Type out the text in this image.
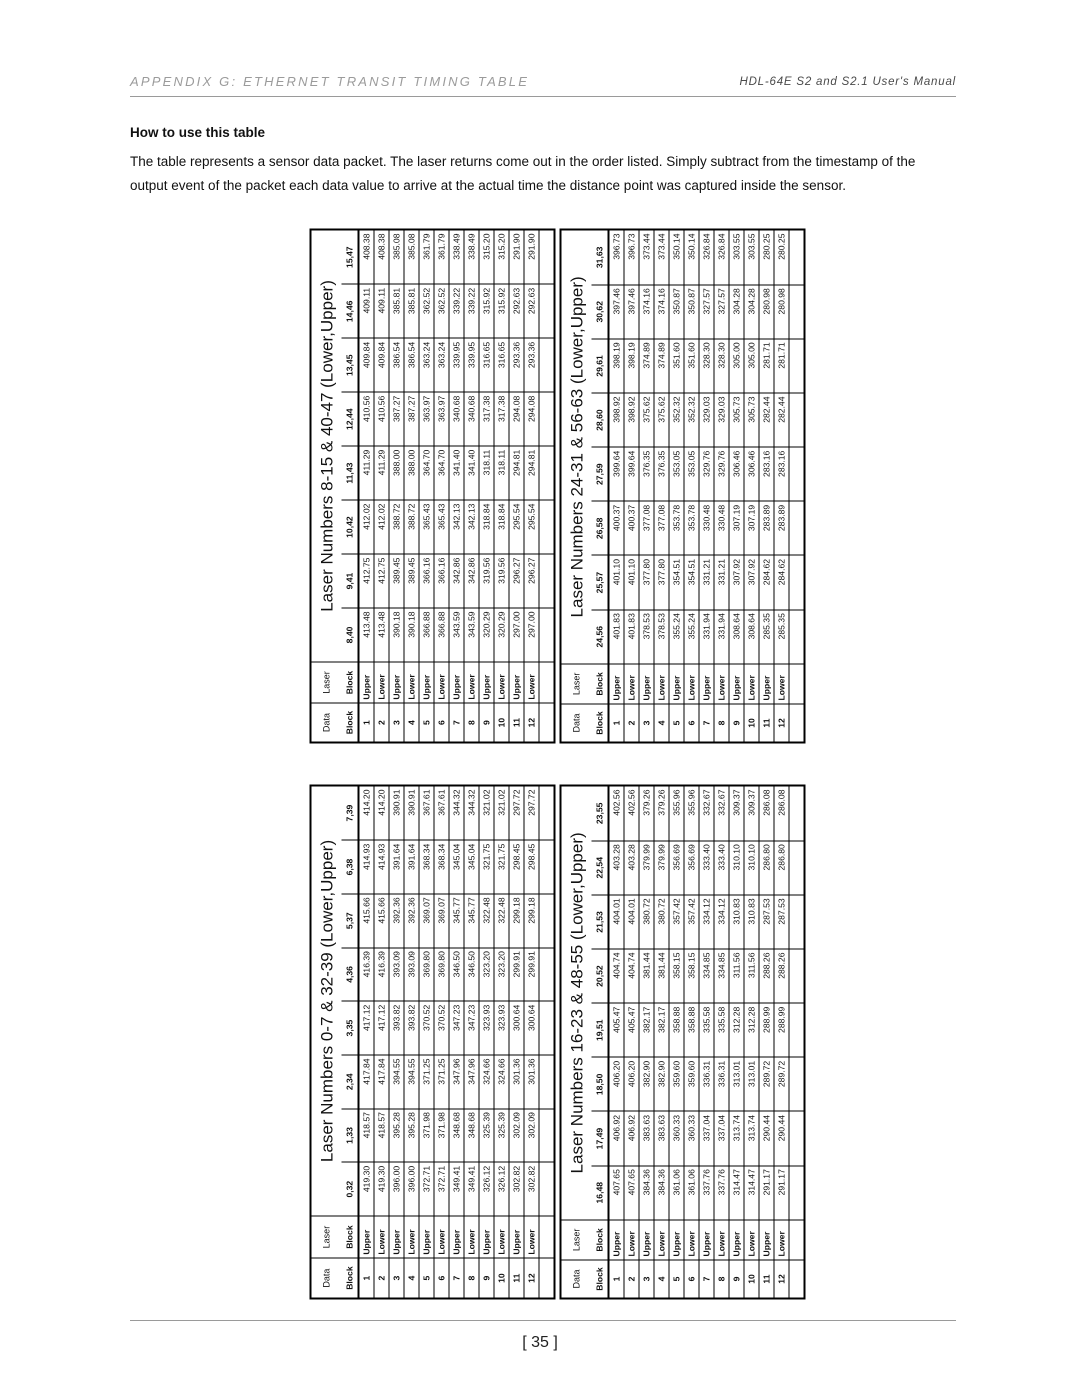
APPENDIX G: ETHERNET TRANSIT TIMING TABLE	HDL-64E S2 and S2.1 User's Manual
How to use this table
The table represents a sensor data packet. The laser returns come out in the order listed. Simply subtract from the timestamp of the output event of the packet each data value to arrive at the actual time the distance point was captured inside the sensor.
Data	Laser	Laser Numbers 8-15 & 40-47 (Lower,Upper)							
Block	Block	8,40	9,41	10,42	11,43	12,44	13,45	14,46	15,47
1	Upper	413.48	412.75	412.02	411.29	410.56	409.84	409.11	408.38
2	Lower	413.48	412.75	412.02	411.29	410.56	409.84	409.11	408.38
3	Upper	390.18	389.45	388.72	388.00	387.27	386.54	385.81	385.08
4	Lower	390.18	389.45	388.72	388.00	387.27	386.54	385.81	385.08
5	Upper	366.88	366.16	365.43	364.70	363.97	363.24	362.52	361.79
6	Lower	366.88	366.16	365.43	364.70	363.97	363.24	362.52	361.79
7	Upper	343.59	342.86	342.13	341.40	340.68	339.95	339.22	338.49
8	Lower	343.59	342.86	342.13	341.40	340.68	339.95	339.22	338.49
9	Upper	320.29	319.56	318.84	318.11	317.38	316.65	315.92	315.20
10	Lower	320.29	319.56	318.84	318.11	317.38	316.65	315.92	315.20
11	Upper	297.00	296.27	295.54	294.81	294.08	293.36	292.63	291.90
12	Lower	297.00	296.27	295.54	294.81	294.08	293.36	292.63	291.90

Data	Laser	Laser Numbers 24-31 & 56-63 (Lower,Upper)							
Block	Block	24,56	25,57	26,58	27,59	28,60	29,61	30,62	31,63
1	Upper	401.83	401.10	400.37	399.64	398.92	398.19	397.46	396.73
2	Lower	401.83	401.10	400.37	399.64	398.92	398.19	397.46	396.73
3	Upper	378.53	377.80	377.08	376.35	375.62	374.89	374.16	373.44
4	Lower	378.53	377.80	377.08	376.35	375.62	374.89	374.16	373.44
5	Upper	355.24	354.51	353.78	353.05	352.32	351.60	350.87	350.14
6	Lower	355.24	354.51	353.78	353.05	352.32	351.60	350.87	350.14
7	Upper	331.94	331.21	330.48	329.76	329.03	328.30	327.57	326.84
8	Lower	331.94	331.21	330.48	329.76	329.03	328.30	327.57	326.84
9	Upper	308.64	307.92	307.19	306.46	305.73	305.00	304.28	303.55
10	Lower	308.64	307.92	307.19	306.46	305.73	305.00	304.28	303.55
11	Upper	285.35	284.62	283.89	283.16	282.44	281.71	280.98	280.25
12	Lower	285.35	284.62	283.89	283.16	282.44	281.71	280.98	280.25

Data	Laser	Laser Numbers 0-7 & 32-39 (Lower,Upper)							
Block	Block	0,32	1,33	2,34	3,35	4,36	5,37	6,38	7,39
1	Upper	419.30	418.57	417.84	417.12	416.39	415.66	414.93	414.20
2	Lower	419.30	418.57	417.84	417.12	416.39	415.66	414.93	414.20
3	Upper	396.00	395.28	394.55	393.82	393.09	392.36	391.64	390.91
4	Lower	396.00	395.28	394.55	393.82	393.09	392.36	391.64	390.91
5	Upper	372.71	371.98	371.25	370.52	369.80	369.07	368.34	367.61
6	Lower	372.71	371.98	371.25	370.52	369.80	369.07	368.34	367.61
7	Upper	349.41	348.68	347.96	347.23	346.50	345.77	345.04	344.32
8	Lower	349.41	348.68	347.96	347.23	346.50	345.77	345.04	344.32
9	Upper	326.12	325.39	324.66	323.93	323.20	322.48	321.75	321.02
10	Lower	326.12	325.39	324.66	323.93	323.20	322.48	321.75	321.02
11	Upper	302.82	302.09	301.36	300.64	299.91	299.18	298.45	297.72
12	Lower	302.82	302.09	301.36	300.64	299.91	299.18	298.45	297.72

Data	Laser	Laser Numbers 16-23 & 48-55 (Lower,Upper)							
Block	Block	16,48	17,49	18,50	19,51	20,52	21,53	22,54	23,55
1	Upper	407.65	406.92	406.20	405.47	404.74	404.01	403.28	402.56
2	Lower	407.65	406.92	406.20	405.47	404.74	404.01	403.28	402.56
3	Upper	384.36	383.63	382.90	382.17	381.44	380.72	379.99	379.26
4	Lower	384.36	383.63	382.90	382.17	381.44	380.72	379.99	379.26
5	Upper	361.06	360.33	359.60	358.88	358.15	357.42	356.69	355.96
6	Lower	361.06	360.33	359.60	358.88	358.15	357.42	356.69	355.96
7	Upper	337.76	337.04	336.31	335.58	334.85	334.12	333.40	332.67
8	Lower	337.76	337.04	336.31	335.58	334.85	334.12	333.40	332.67
9	Upper	314.47	313.74	313.01	312.28	311.56	310.83	310.10	309.37
10	Lower	314.47	313.74	313.01	312.28	311.56	310.83	310.10	309.37
11	Upper	291.17	290.44	289.72	288.99	288.26	287.53	286.80	286.08
12	Lower	291.17	290.44	289.72	288.99	288.26	287.53	286.80	286.08

[ 35 ]
